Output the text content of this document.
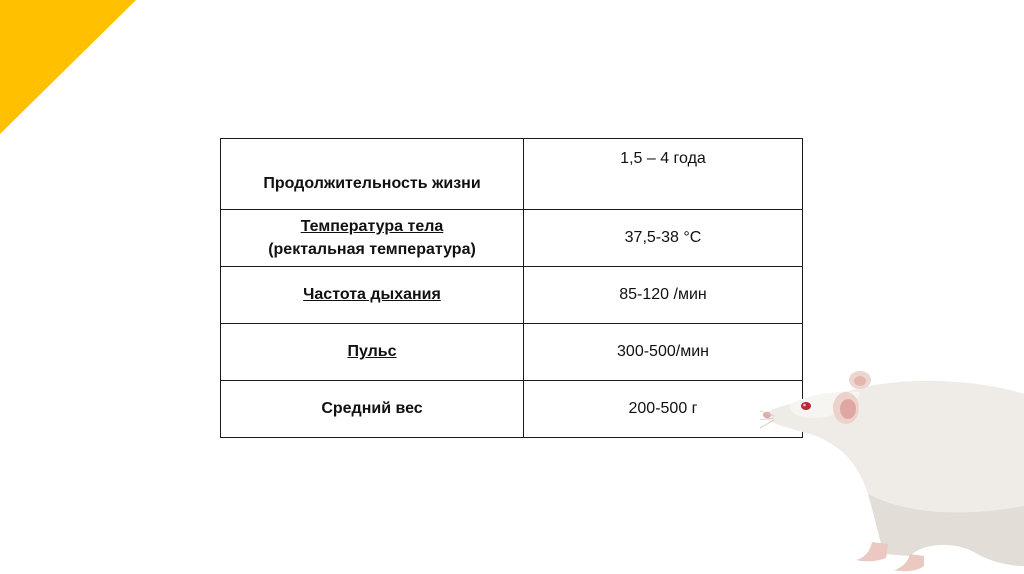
Продолжительность жизни	1,5 – 4 года
Температура тела
(ректальная температура)	37,5-38 °С
Частота дыхания	85-120 /мин
Пульс	300-500/мин
Средний вес	200-500 г
